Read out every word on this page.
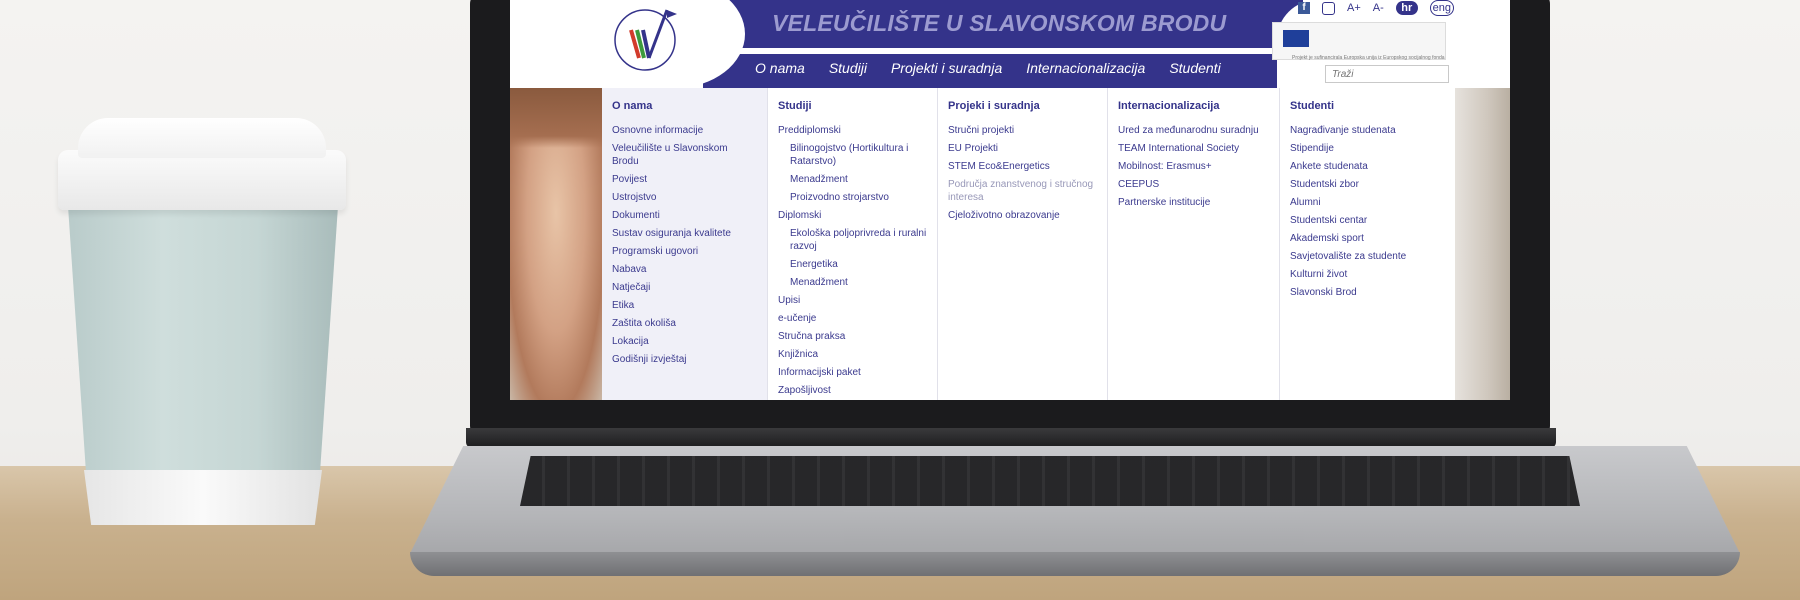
VELEUČILIŠTE U SLAVONSKOM BRODU
O nama Studiji Projekti i suradnja Internacionalizacija Studenti
f	A+ A-	hr	eng
Projekt je sufinancirala Europska unija iz Europskog socijalnog fonda
Traži
O nama
Osnovne informacije
Veleučilište u Slavonskom Brodu
Povijest
Ustrojstvo
Dokumenti
Sustav osiguranja kvalitete
Programski ugovori
Nabava
Natječaji
Etika
Zaštita okoliša
Lokacija
Godišnji izvještaj
Studiji
Preddiplomski
Bilinogojstvo (Hortikultura i Ratarstvo)
Menadžment
Proizvodno strojarstvo
Diplomski
Ekološka poljoprivreda i ruralni razvoj
Energetika
Menadžment
Upisi
e-učenje
Stručna praksa
Knjižnica
Informacijski paket
Zapošljivost
Projeki i suradnja
Stručni projekti
EU Projekti
STEM Eco&Energetics
Područja znanstvenog i stručnog interesa
Cjeloživotno obrazovanje
Internacionalizacija
Ured za međunarodnu suradnju
TEAM International Society
Mobilnost: Erasmus+
CEEPUS
Partnerske institucije
Studenti
Nagrađivanje studenata
Stipendije
Ankete studenata
Studentski zbor
Alumni
Studentski centar
Akademski sport
Savjetovalište za studente
Kulturni život
Slavonski Brod
